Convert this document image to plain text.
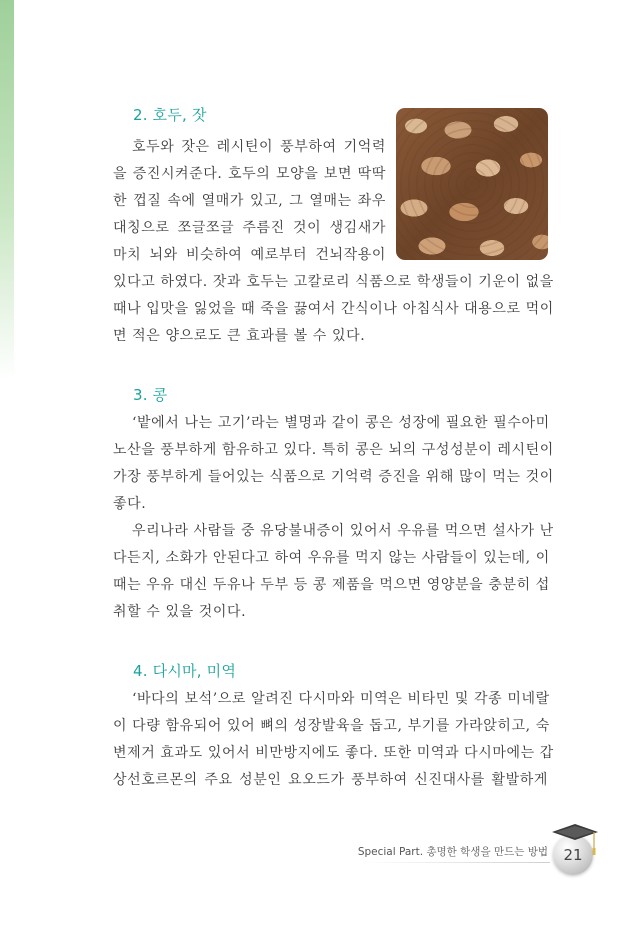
2. 호두, 잣
호두와 잣은 레시틴이 풍부하여 기억력
을 증진시켜준다. 호두의 모양을 보면 딱딱
한 껍질 속에 열매가 있고, 그 열매는 좌우
대칭으로 쪼글쪼글 주름진 것이 생김새가
마치 뇌와 비슷하여 예로부터 건뇌작용이
있다고 하였다. 잣과 호두는 고칼로리 식품으로 학생들이 기운이 없을
때나 입맛을 잃었을 때 죽을 끓여서 간식이나 아침식사 대용으로 먹이
면 적은 양으로도 큰 효과를 볼 수 있다.
3. 콩
‘밭에서 나는 고기’라는 별명과 같이 콩은 성장에 필요한 필수아미
노산을 풍부하게 함유하고 있다. 특히 콩은 뇌의 구성성분이 레시틴이
가장 풍부하게 들어있는 식품으로 기억력 증진을 위해 많이 먹는 것이
좋다.
우리나라 사람들 중 유당불내증이 있어서 우유를 먹으면 설사가 난
다든지, 소화가 안된다고 하여 우유를 먹지 않는 사람들이 있는데, 이
때는 우유 대신 두유나 두부 등 콩 제품을 먹으면 영양분을 충분히 섭
취할 수 있을 것이다.
4. 다시마, 미역
‘바다의 보석’으로 알려진 다시마와 미역은 비타민 및 각종 미네랄
이 다량 함유되어 있어 뼈의 성장발육을 돕고, 부기를 가라앉히고, 숙
변제거 효과도 있어서 비만방지에도 좋다. 또한 미역과 다시마에는 갑
상선호르몬의 주요 성분인 요오드가 풍부하여 신진대사를 활발하게
Special Part. 총명한 학생을 만드는 방법 21
